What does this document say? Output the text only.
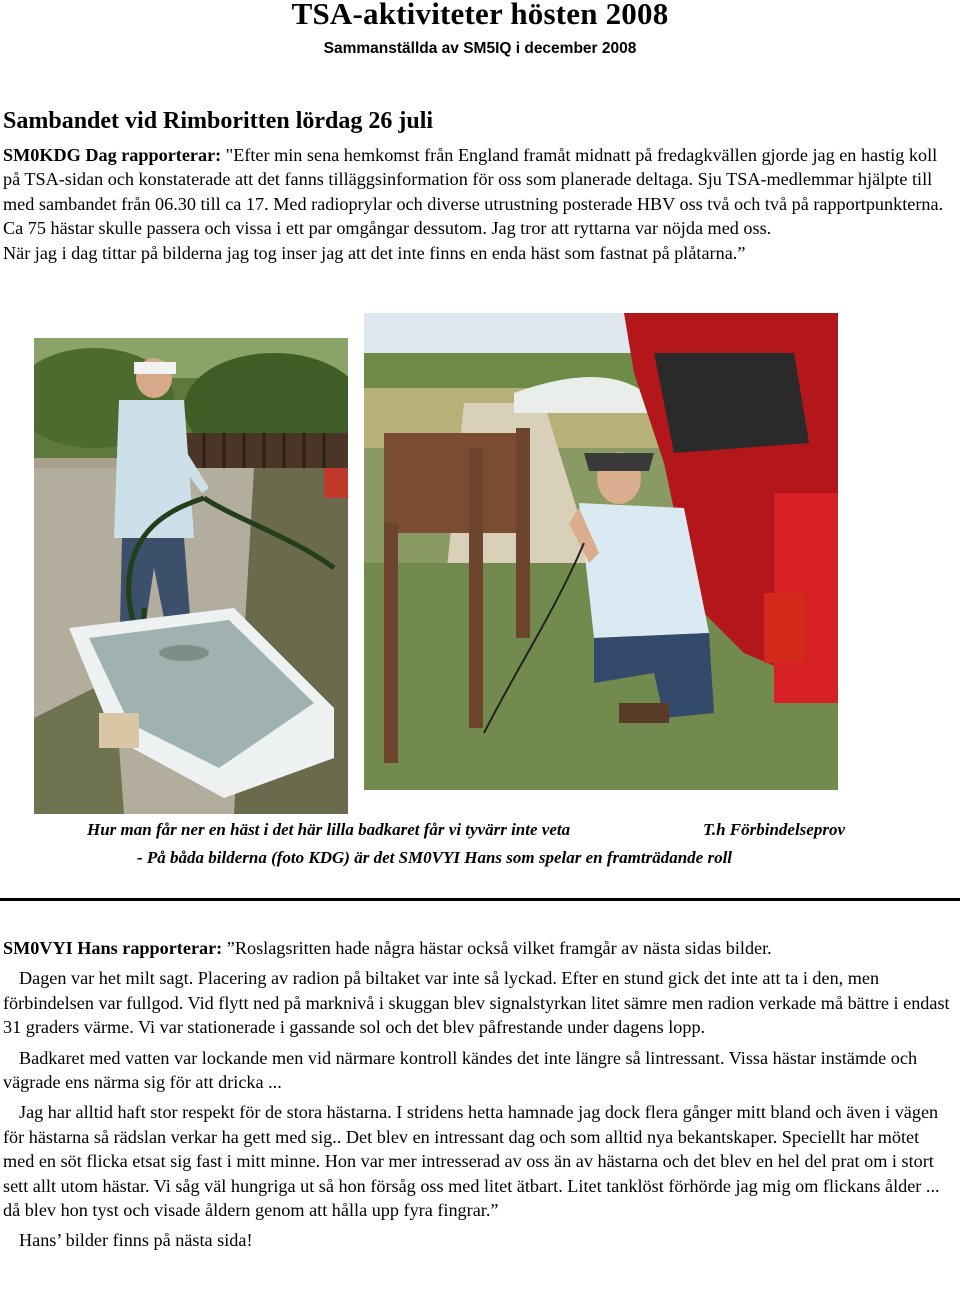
TSA-aktiviteter hösten 2008
Sammanställda av SM5IQ i december 2008
Sambandet vid Rimboritten lördag 26 juli
SM0KDG Dag rapporterar: "Efter min sena hemkomst från England framåt midnatt på fredagkvällen gjorde jag en hastig koll på TSA-sidan och konstaterade att det fanns tilläggsinformation för oss som planerade deltaga. Sju TSA-medlemmar hjälpte till med sambandet från 06.30 till ca 17. Med radioprylar och diverse utrustning posterade HBV oss två och två på rapportpunkterna. Ca 75 hästar skulle passera och vissa i ett par omgångar dessutom. Jag tror att ryttarna var nöjda med oss.
När jag i dag tittar på bilderna jag tog inser jag att det inte finns en enda häst som fastnat på plåtarna.”
Hur man får ner en häst i det här lilla badkaret får vi tyvärr inte veta	T.h Förbindelseprov
- På båda bilderna (foto KDG) är det SM0VYI Hans som spelar en framträdande roll
SM0VYI Hans rapporterar: ”Roslagsritten hade några hästar också vilket framgår av nästa sidas bilder.
Dagen var het milt sagt. Placering av radion på biltaket var inte så lyckad. Efter en stund gick det inte att ta i den, men förbindelsen var fullgod. Vid flytt ned på marknivå i skuggan blev signalstyrkan litet sämre men radion verkade må bättre i endast 31 graders värme. Vi var stationerade i gassande sol och det blev påfrestande under dagens lopp.
Badkaret med vatten var lockande men vid närmare kontroll kändes det inte längre så lintressant. Vissa hästar instämde och vägrade ens närma sig för att dricka ...
Jag har alltid haft stor respekt för de stora hästarna. I stridens hetta hamnade jag dock flera gånger mitt bland och även i vägen för hästarna så rädslan verkar ha gett med sig.. Det blev en intressant dag och som alltid nya bekantskaper. Speciellt har mötet med en söt flicka etsat sig fast i mitt minne. Hon var mer intresserad av oss än av hästarna och det blev en hel del prat om i stort sett allt utom hästar. Vi såg väl hungriga ut så hon försåg oss med litet ätbart. Litet tanklöst förhörde jag mig om flickans ålder ... då blev hon tyst och visade åldern genom att hålla upp fyra fingrar.”
Hans’ bilder finns på nästa sida!
